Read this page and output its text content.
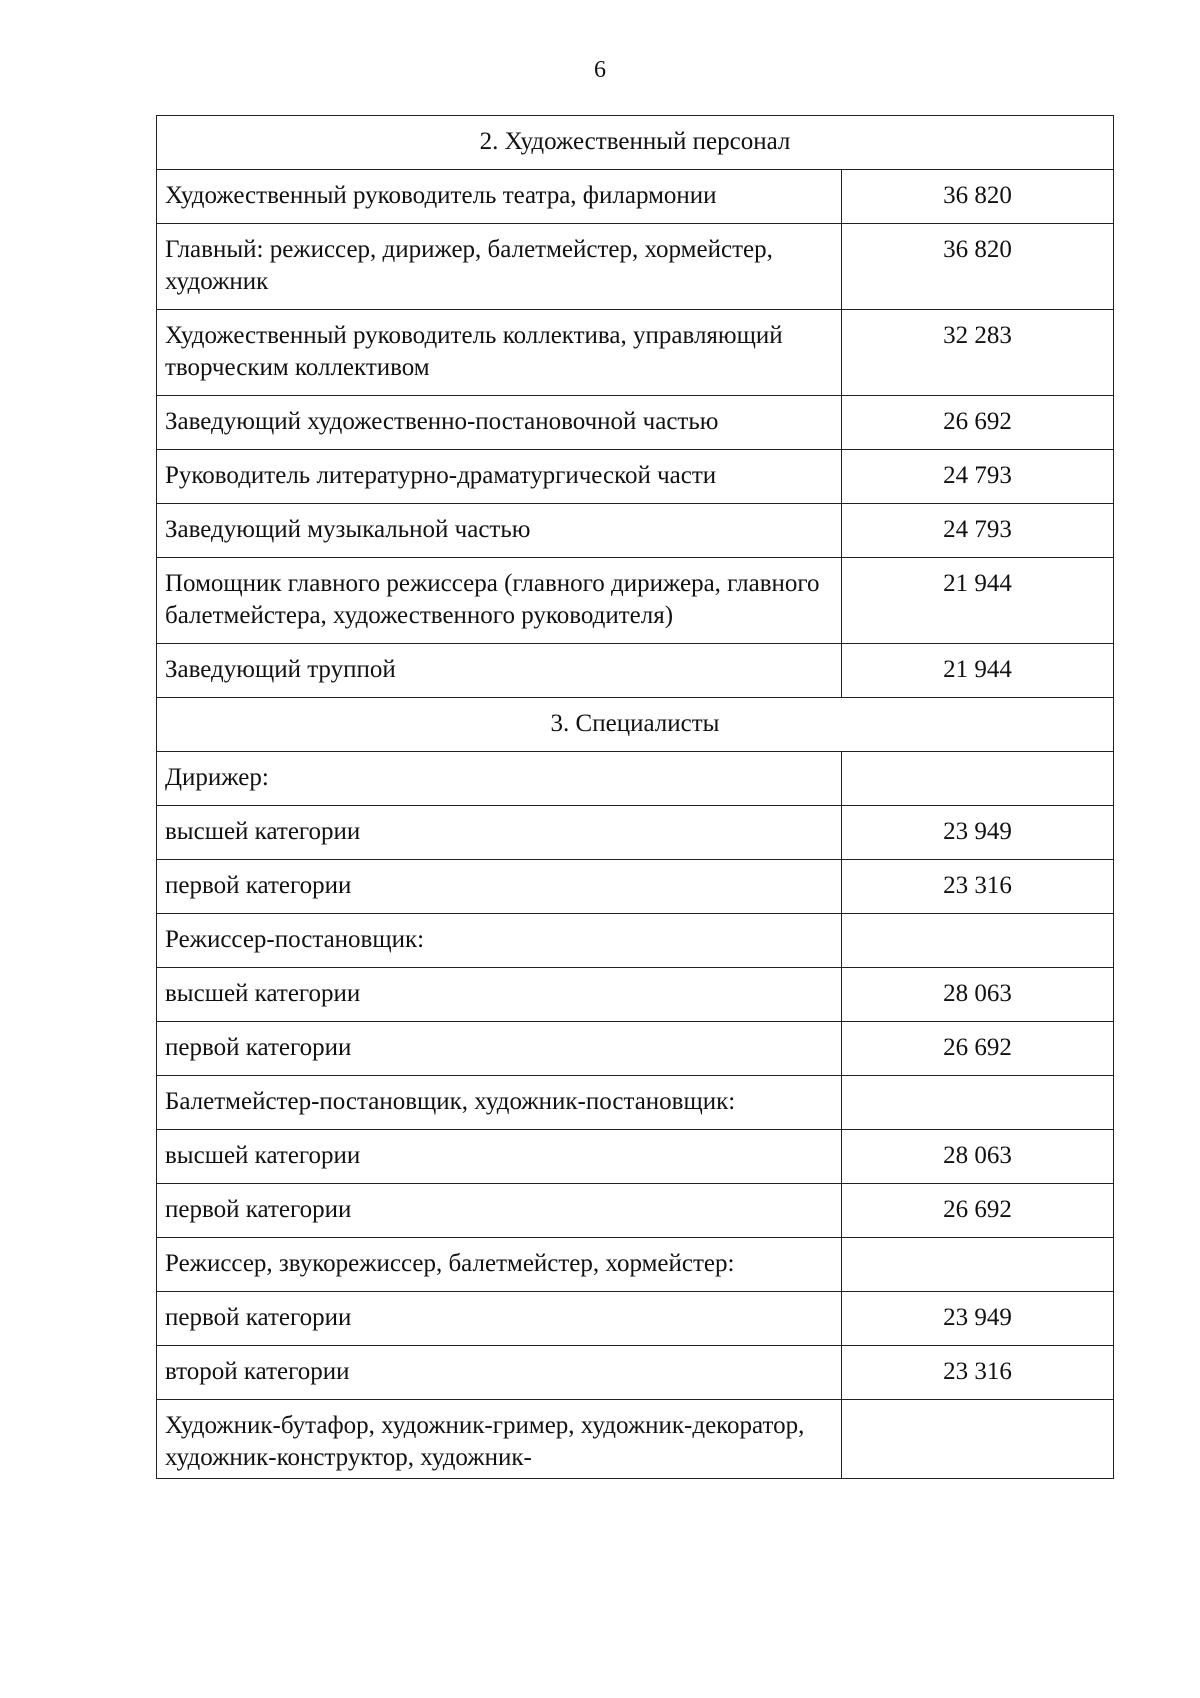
6
2. Художественный персонал	
Художественный руководитель театра, филармонии	36 820
Главный: режиссер, дирижер, балетмейстер, хормейстер, художник	36 820
Художественный руководитель коллектива, управляющий творческим коллективом	32 283
Заведующий художественно-постановочной частью	26 692
Руководитель литературно-драматургической части	24 793
Заведующий музыкальной частью	24 793
Помощник главного режиссера (главного дирижера, главного балетмейстера, художественного руководителя)	21 944
Заведующий труппой	21 944
3. Специалисты	
Дирижер:	
высшей категории	23 949
первой категории	23 316
Режиссер-постановщик:	
высшей категории	28 063
первой категории	26 692
Балетмейстер-постановщик, художник-постановщик:	
высшей категории	28 063
первой категории	26 692
Режиссер, звукорежиссер, балетмейстер, хормейстер:	
первой категории	23 949
второй категории	23 316
Художник-бутафор, художник-гример, художник-декоратор, художник-конструктор, художник-	
